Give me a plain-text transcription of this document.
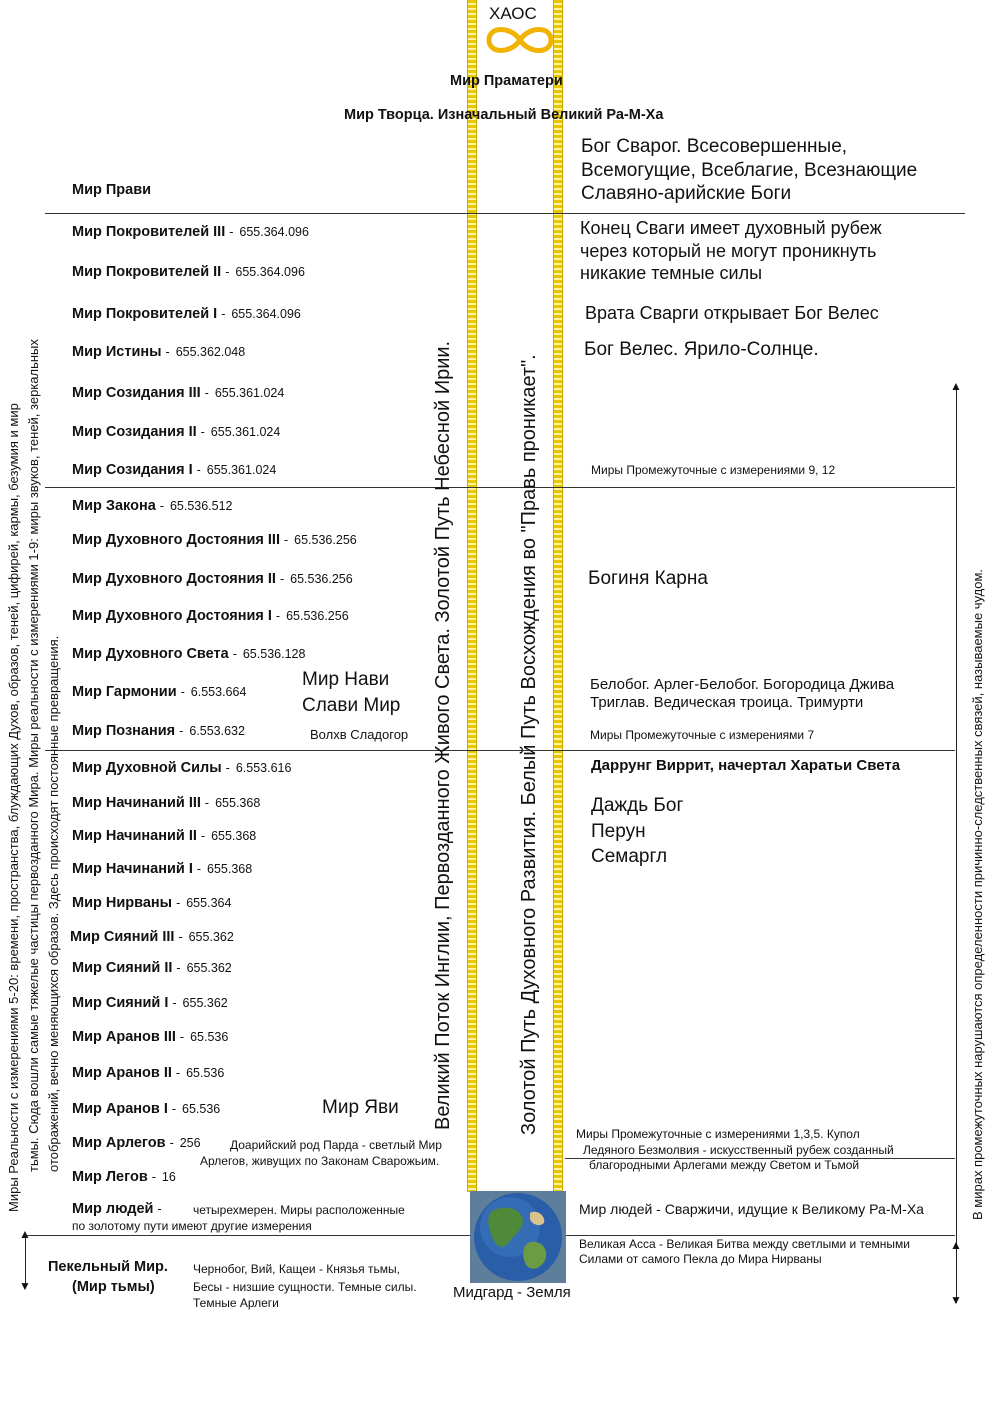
ХАОС
Мир Праматери
Мир Творца. Изначальный Великий Ра-М-Ха
Мир Прави
Мир Покровителей III - 655.364.096
Мир Покровителей II - 655.364.096
Мир Покровителей I - 655.364.096
Мир Истины - 655.362.048
Мир Созидания III - 655.361.024
Мир Созидания II - 655.361.024
Мир Созидания I - 655.361.024
Мир Закона - 65.536.512
Мир Духовного Достояния III - 65.536.256
Мир Духовного Достояния II - 65.536.256
Мир Духовного Достояния I - 65.536.256
Мир Духовного Света - 65.536.128
Мир Гармонии - 6.553.664
Мир Познания - 6.553.632
Мир Духовной Силы - 6.553.616
Мир Начинаний III - 655.368
Мир Начинаний II - 655.368
Мир Начинаний I - 655.368
Мир Нирваны - 655.364
Мир Сияний III - 655.362
Мир Сияний II - 655.362
Мир Сияний I - 655.362
Мир Аранов III - 65.536
Мир Аранов II - 65.536
Мир Аранов I - 65.536
Мир Арлегов - 256 Доарийский род Парда - светлый Мир
Арлегов, живущих по Законам Сварожьим.
Мир Легов - 16
Мир людей -	четырехмерен. Миры расположенные
по золотому пути имеют другие измерения
Пекельный Мир.
(Мир тьмы)
Чернобог, Вий, Кащеи - Князья тьмы,
Бесы - низшие сущности. Темные силы.
Темные Арлеги
Мир Нави
Слави Мир
Волхв Сладогор
Мир Яви Великий Поток Инглии, Первозданного Живого Света. Золотой Путь Небесной Ирии.	Золотой Путь Духовного Развития. Белый Путь Восхождения во "Правь проникает".
Миры Реальности с измерениями 5-20: времени, пространства, блуждающих Духов, образов, теней, цифирей, кармы, безумия и мир тьмы. Сюда вошли самые тяжелые частицы первозданного Мира. Миры реальности с измерениями 1-9: миры звуков, теней, зеркальных отображений, вечно меняющихся образов. Здесь происходят постоянные превращения.	В мирах промежуточных нарушаются определенности причинно-следственных связей, называемые чудом.
Бог Сварог. Всесовершенные,
Всемогущие, Всеблагие, Всезнающие
Славяно-арийские Боги
Конец Сваги имеет духовный рубеж
через который не могут проникнуть
никакие темные силы
Врата Сварги открывает Бог Велес
Бог Велес. Ярило-Солнце.
Миры Промежуточные с измерениями 9, 12
Богиня Карна
Белобог. Арлег-Белобог. Богородица Джива
Триглав. Ведическая троица. Тримурти
Миры Промежуточные с измерениями 7
Даррунг Виррит, начертал Харатьи Света
Даждь Бог
Перун
Семаргл
Миры Промежуточные с измерениями 1,3,5. Купол
Ледяного Безмолвия - искусственный рубеж созданный
благородными Арлегами между Светом и Тьмой
Мир людей - Сваржичи, идущие к Великому Ра-М-Ха
Великая Асса - Великая Битва между светлыми и темными
Силами от самого Пекла до Мира Нирваны
Мидгард - Земля
▲
▼
▲
▼
▲
